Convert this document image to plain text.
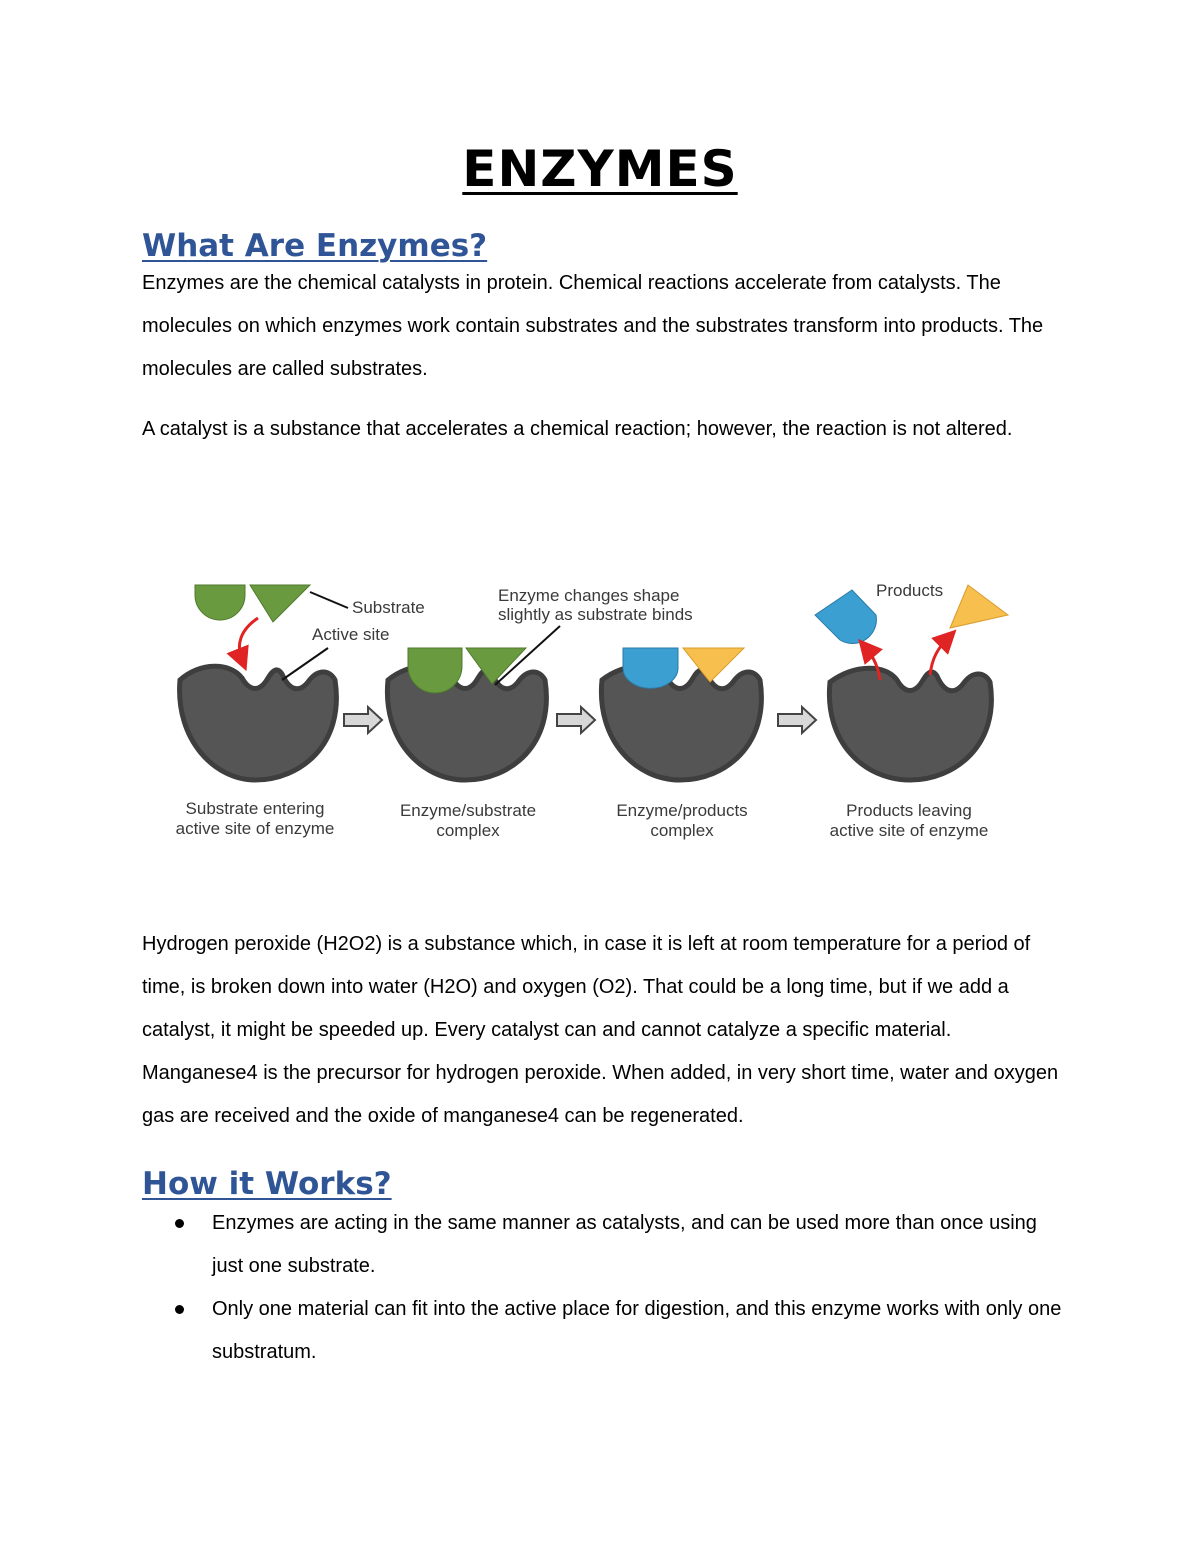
ENZYMES
What Are Enzymes?

Enzymes are the chemical catalysts in protein. Chemical reactions accelerate from catalysts. The molecules on which enzymes work contain substrates and the substrates transform into products. The molecules are called substrates.

A catalyst is a substance that accelerates a chemical reaction; however, the reaction is not altered.

Substrate
Active site
Enzyme changes shape
slightly as substrate binds
Products
Substrate entering
active site of enzyme
Enzyme/substrate
complex
Enzyme/products
complex
Products leaving
active site of enzyme

Hydrogen peroxide (H2O2) is a substance which, in case it is left at room temperature for a period of time, is broken down into water (H2O) and oxygen (O2). That could be a long time, but if we add a catalyst, it might be speeded up. Every catalyst can and cannot catalyze a specific material. Manganese4 is the precursor for hydrogen peroxide. When added, in very short time, water and oxygen gas are received and the oxide of manganese4 can be regenerated.

How it Works?
Enzymes are acting in the same manner as catalysts, and can be used more than once using just one substrate.
Only one material can fit into the active place for digestion, and this enzyme works with only one substratum.
